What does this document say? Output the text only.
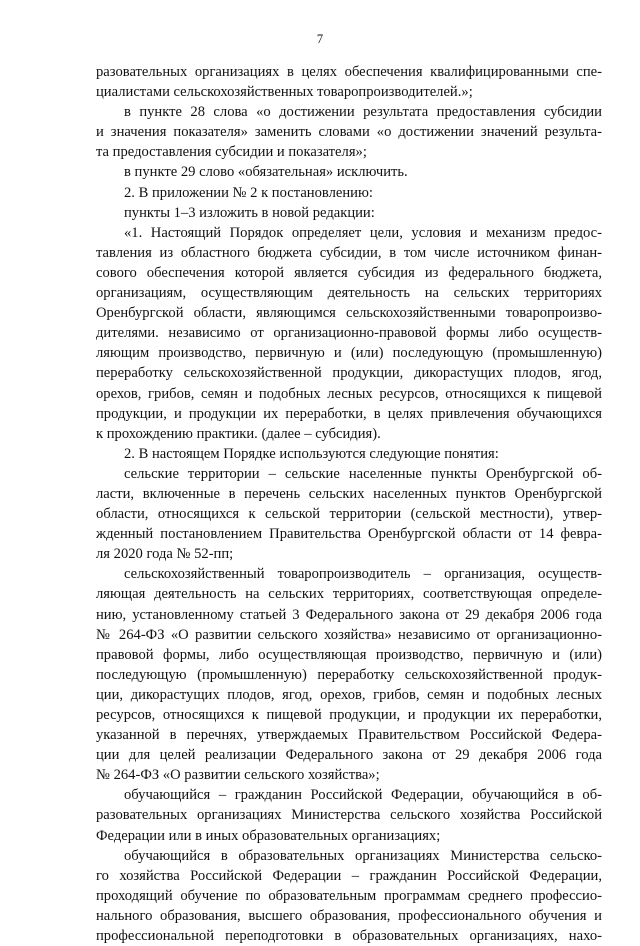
7
разовательных организациях в целях обеспечения квалифицированными спе-
циалистами сельскохозяйственных товаропроизводителей.»;
в пункте 28 слова «о достижении результата предоставления субсидии
и значения показателя» заменить словами «о достижении значений результа-
та предоставления субсидии и показателя»;
в пункте 29 слово «обязательная» исключить.
2. В приложении № 2 к постановлению:
пункты 1–3 изложить в новой редакции:
«1. Настоящий Порядок определяет цели, условия и механизм предос-
тавления из областного бюджета субсидии, в том числе источником финан-
сового обеспечения которой является субсидия из федерального бюджета,
организациям, осуществляющим деятельность на сельских территориях
Оренбургской области, являющимся сельскохозяйственными товаропроизво-
дителями. независимо от организационно-правовой формы либо осуществ-
ляющим производство, первичную и (или) последующую (промышленную)
переработку сельскохозяйственной продукции, дикорастущих плодов, ягод,
орехов, грибов, семян и подобных лесных ресурсов, относящихся к пищевой
продукции, и продукции их переработки, в целях привлечения обучающихся
к прохождению практики. (далее – субсидия).
2. В настоящем Порядке используются следующие понятия:
сельские территории – сельские населенные пункты Оренбургской об-
ласти, включенные в перечень сельских населенных пунктов Оренбургской
области, относящихся к сельской территории (сельской местности), утвер-
жденный постановлением Правительства Оренбургской области от 14 февра-
ля 2020 года № 52-пп;
сельскохозяйственный товаропроизводитель – организация, осуществ-
ляющая деятельность на сельских территориях, соответствующая определе-
нию, установленному статьей 3 Федерального закона от 29 декабря 2006 года
№ 264-ФЗ «О развитии сельского хозяйства» независимо от организационно-
правовой формы, либо осуществляющая производство, первичную и (или)
последующую (промышленную) переработку сельскохозяйственной продук-
ции, дикорастущих плодов, ягод, орехов, грибов, семян и подобных лесных
ресурсов, относящихся к пищевой продукции, и продукции их переработки,
указанной в перечнях, утверждаемых Правительством Российской Федера-
ции для целей реализации Федерального закона от 29 декабря 2006 года
№ 264-ФЗ «О развитии сельского хозяйства»;
обучающийся – гражданин Российской Федерации, обучающийся в об-
разовательных организациях Министерства сельского хозяйства Российской
Федерации или в иных образовательных организациях;
обучающийся в образовательных организациях Министерства сельско-
го хозяйства Российской Федерации – гражданин Российской Федерации,
проходящий обучение по образовательным программам среднего профессио-
нального образования, высшего образования, профессионального обучения и
профессиональной переподготовки в образовательных организациях, нахо-
